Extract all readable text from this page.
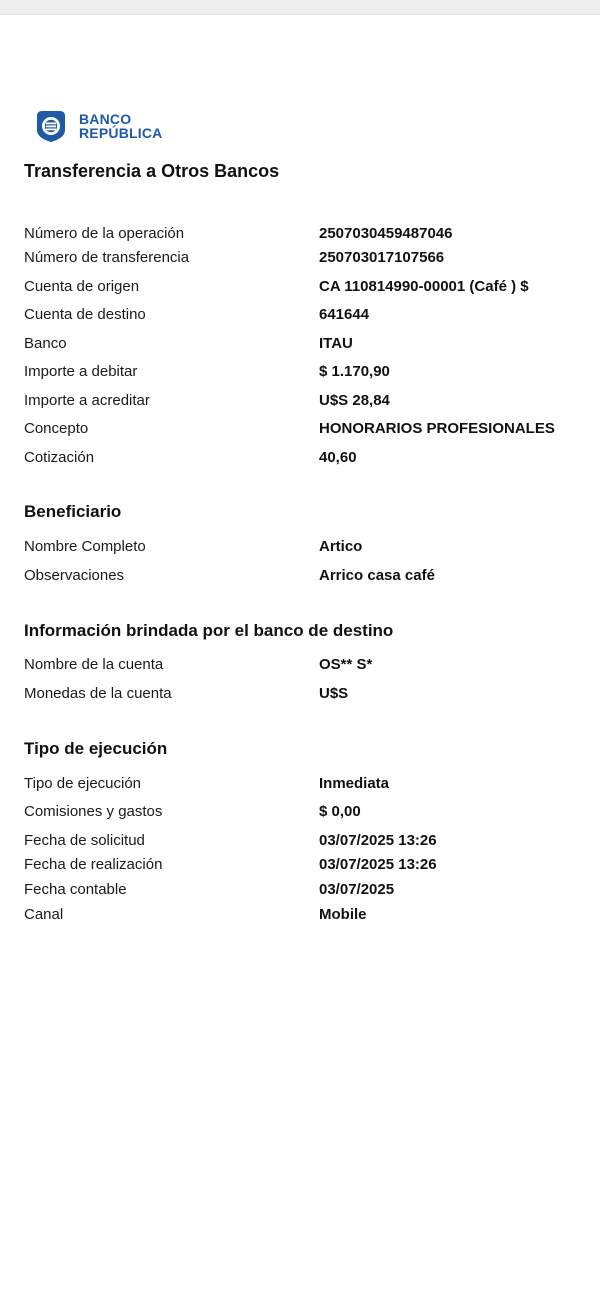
BANCO
REPÚBLICA
Transferencia a Otros Bancos
Número de la operación	2507030459487046
Número de transferencia	250703017107566
Cuenta de origen	CA 110814990-00001 (Café ) $
Cuenta de destino	641644
Banco	ITAU
Importe a debitar	$ 1.170,90
Importe a acreditar	U$S 28,84
Concepto	HONORARIOS PROFESIONALES
Cotización	40,60
Beneficiario
Nombre Completo	Artico
Observaciones	Arrico casa café
Información brindada por el banco de destino
Nombre de la cuenta	OS** S*
Monedas de la cuenta	U$S
Tipo de ejecución
Tipo de ejecución	Inmediata
Comisiones y gastos	$ 0,00
Fecha de solicitud	03/07/2025 13:26
Fecha de realización	03/07/2025 13:26
Fecha contable	03/07/2025
Canal	Mobile
